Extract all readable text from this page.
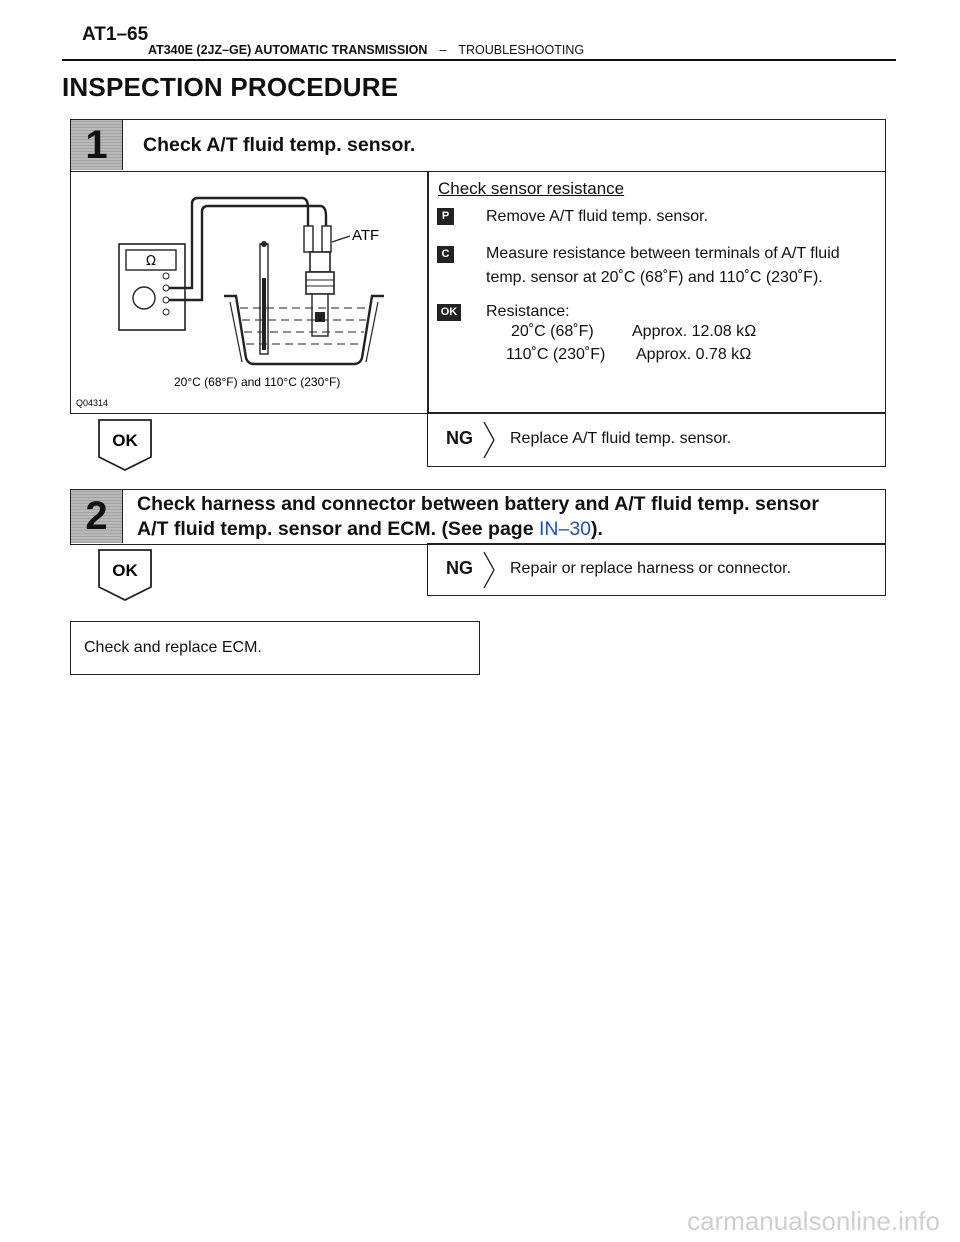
AT1–65
AT340E (2JZ–GE) AUTOMATIC TRANSMISSION – TROUBLESHOOTING
INSPECTION PROCEDURE
1	Check A/T fluid temp. sensor.
Ω
ATF
20°C (68°F) and 110°C (230°F)
Q04314
Check sensor resistance
P	Remove A/T fluid temp. sensor.
C Measure resistance between terminals of A/T fluid
temp. sensor at 20˚C (68˚F) and 110˚C (230˚F).
OK Resistance:
20˚C (68˚F) Approx. 12.08 kΩ
110˚C (230˚F) Approx. 0.78 kΩ
OK	NG Replace A/T fluid temp. sensor.
2	Check harness and connector between battery and A/T fluid temp. sensor
A/T fluid temp. sensor and ECM. (See page IN–30).
OK	NG Repair or replace harness or connector.
Check and replace ECM.
carmanualsonline.info
